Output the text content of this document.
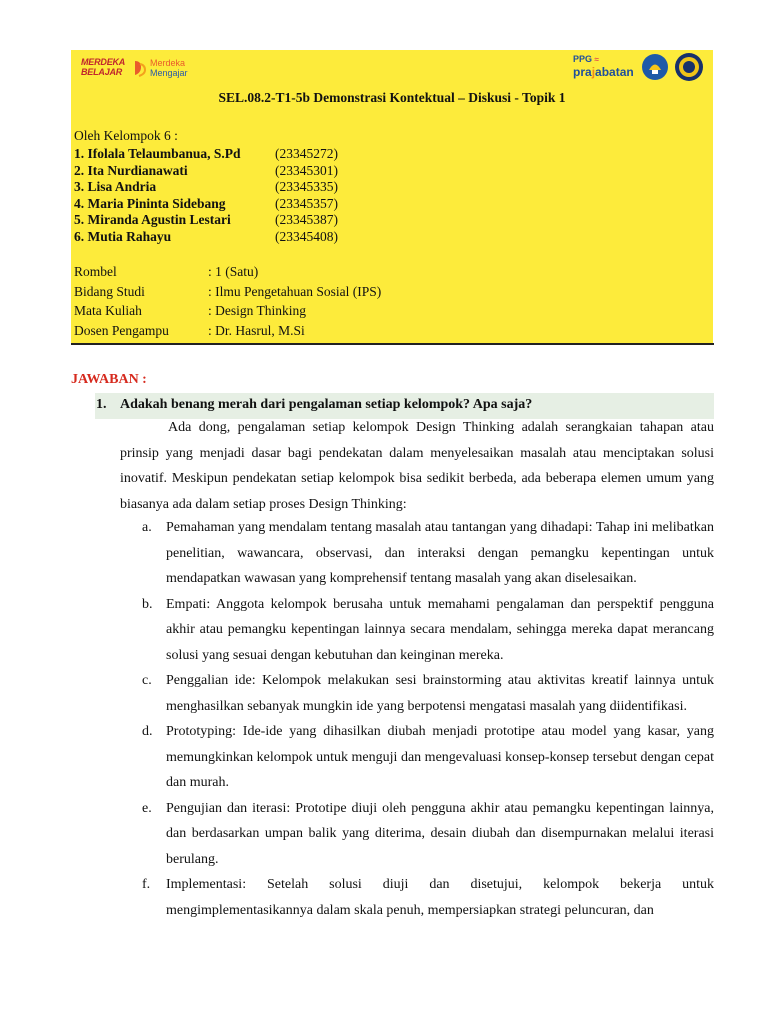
MERDEKA
BELAJAR
Merdeka
Mengajar
PPG ≈
prajabatan
SEL.08.2-T1-5b Demonstrasi Kontektual – Diskusi - Topik 1
Oleh Kelompok 6 :
1. Ifolala Telaumbanua, S.Pd	(23345272)
2. Ita Nurdianawati	(23345301)
3. Lisa Andria	(23345335)
4. Maria Pininta Sidebang	(23345357)
5. Miranda Agustin Lestari	(23345387)
6. Mutia Rahayu	(23345408)
Rombel	: 1 (Satu)
Bidang Studi	: Ilmu Pengetahuan Sosial (IPS)
Mata Kuliah	: Design Thinking
Dosen Pengampu	: Dr. Hasrul, M.Si
JAWABAN :
1. Adakah benang merah dari pengalaman setiap kelompok? Apa saja?
Ada dong, pengalaman setiap kelompok Design Thinking adalah serangkaian tahapan atau prinsip yang menjadi dasar bagi pendekatan dalam menyelesaikan masalah atau menciptakan solusi inovatif. Meskipun pendekatan setiap kelompok bisa sedikit berbeda, ada beberapa elemen umum yang biasanya ada dalam setiap proses Design Thinking:
a. Pemahaman yang mendalam tentang masalah atau tantangan yang dihadapi: Tahap ini melibatkan penelitian, wawancara, observasi, dan interaksi dengan pemangku kepentingan untuk mendapatkan wawasan yang komprehensif tentang masalah yang akan diselesaikan.
b. Empati: Anggota kelompok berusaha untuk memahami pengalaman dan perspektif pengguna akhir atau pemangku kepentingan lainnya secara mendalam, sehingga mereka dapat merancang solusi yang sesuai dengan kebutuhan dan keinginan mereka.
c. Penggalian ide: Kelompok melakukan sesi brainstorming atau aktivitas kreatif lainnya untuk menghasilkan sebanyak mungkin ide yang berpotensi mengatasi masalah yang diidentifikasi.
d. Prototyping: Ide-ide yang dihasilkan diubah menjadi prototipe atau model yang kasar, yang memungkinkan kelompok untuk menguji dan mengevaluasi konsep-konsep tersebut dengan cepat dan murah.
e. Pengujian dan iterasi: Prototipe diuji oleh pengguna akhir atau pemangku kepentingan lainnya, dan berdasarkan umpan balik yang diterima, desain diubah dan disempurnakan melalui iterasi berulang.
f. Implementasi: Setelah solusi diuji dan disetujui, kelompok bekerja untuk mengimplementasikannya dalam skala penuh, mempersiapkan strategi peluncuran, dan
